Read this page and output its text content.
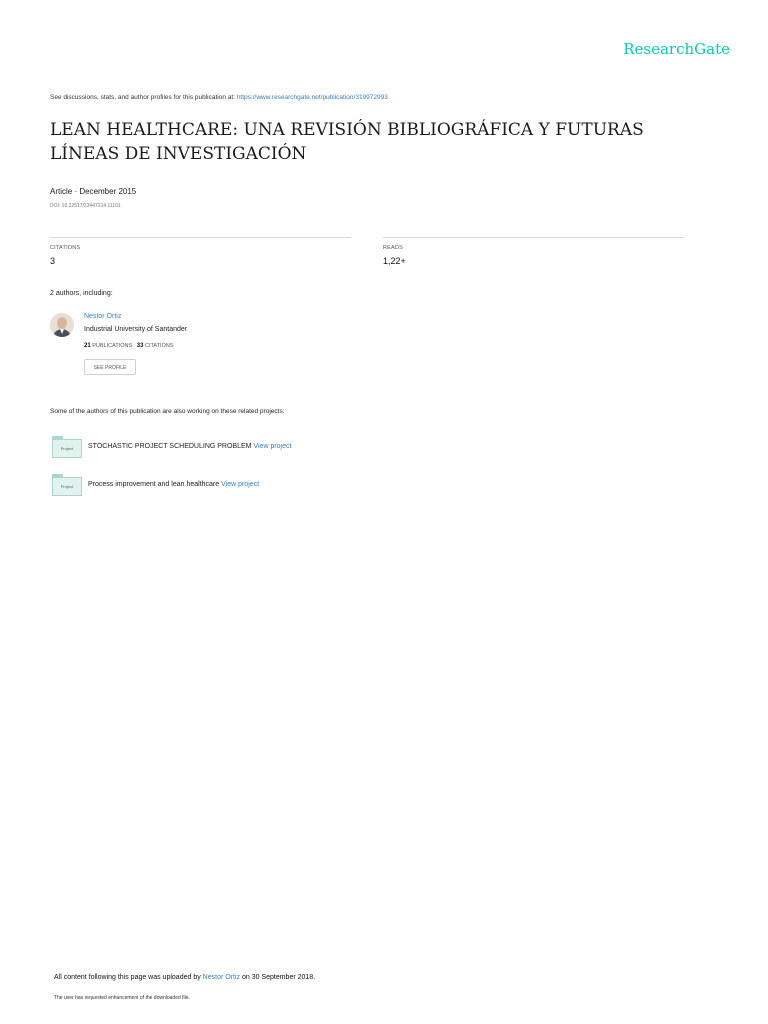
ResearchGate
See discussions, stats, and author profiles for this publication at: https://www.researchgate.net/publication/319972993
LEAN HEALTHCARE: UNA REVISIÓN BIBLIOGRÁFICA Y FUTURAS LÍNEAS DE INVESTIGACIÓN
Article · December 2015
DOI: 10.22517/23447214.11101
CITATIONS
3
READS
1,22+
2 authors, including:
Nestor Ortiz
Industrial University of Santander
21 PUBLICATIONS 33 CITATIONS
SEE PROFILE
Some of the authors of this publication are also working on these related projects:
Project	STOCHASTIC PROJECT SCHEDULING PROBLEM View project
Project	Process improvement and lean healthcare View project
All content following this page was uploaded by Nestor Ortiz on 30 September 2018.
The user has requested enhancement of the downloaded file.
